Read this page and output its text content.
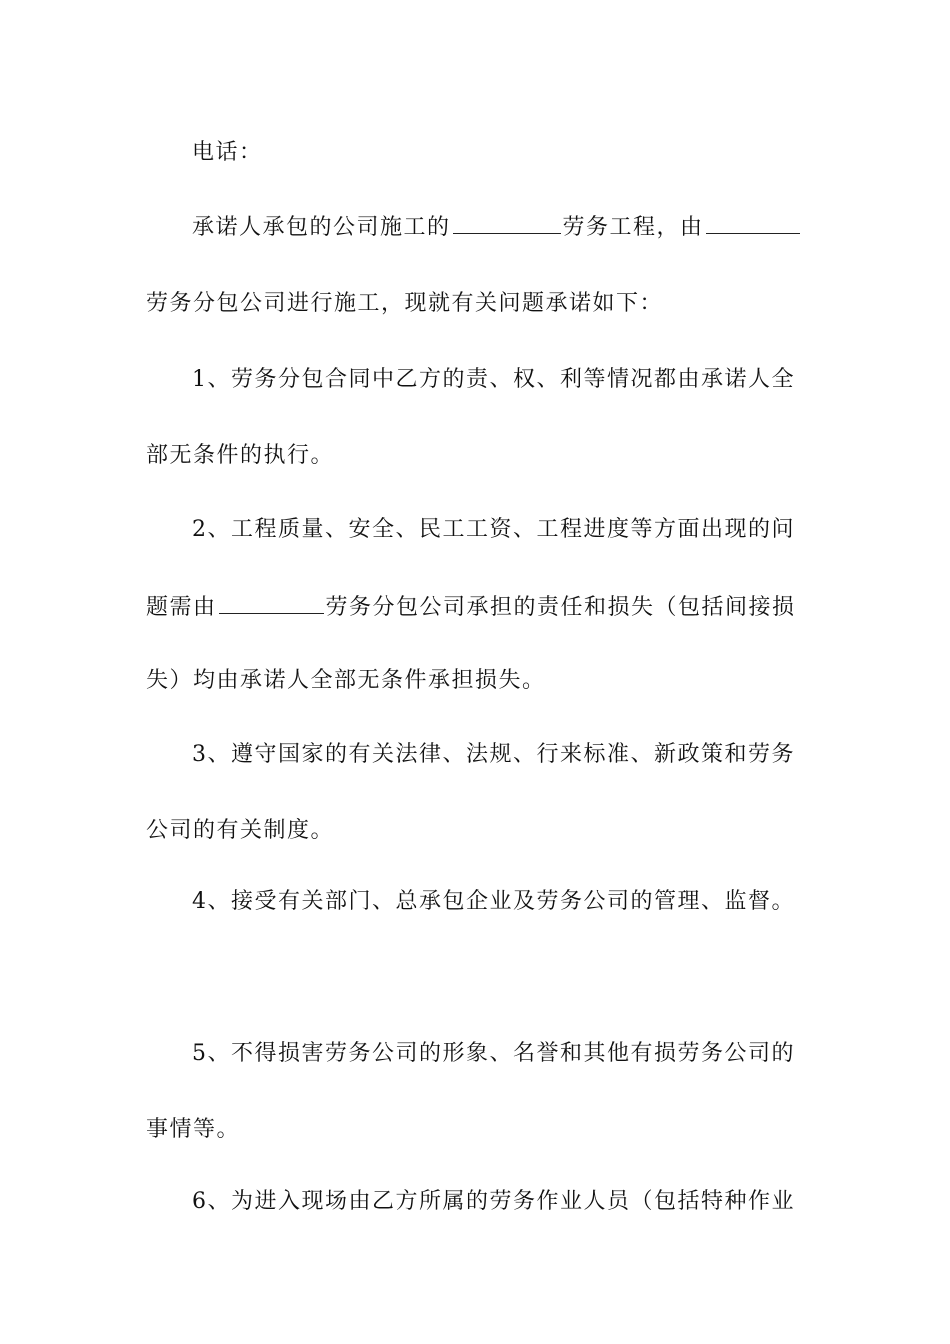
电话：
承诺人承包的公司施工的	劳务工程，由
劳务分包公司进行施工，现就有关问题承诺如下：
1、劳务分包合同中乙方的责、权、利等情况都由承诺人全
部无条件的执行。
2、工程质量、安全、民工工资、工程进度等方面出现的问
题需由	劳务分包公司承担的责任和损失（包括间接损
失）均由承诺人全部无条件承担损失。
3、遵守国家的有关法律、法规、行来标准、新政策和劳务
公司的有关制度。
4、接受有关部门、总承包企业及劳务公司的管理、监督。
5、不得损害劳务公司的形象、名誉和其他有损劳务公司的
事情等。
6、为进入现场由乙方所属的劳务作业人员（包括特种作业
